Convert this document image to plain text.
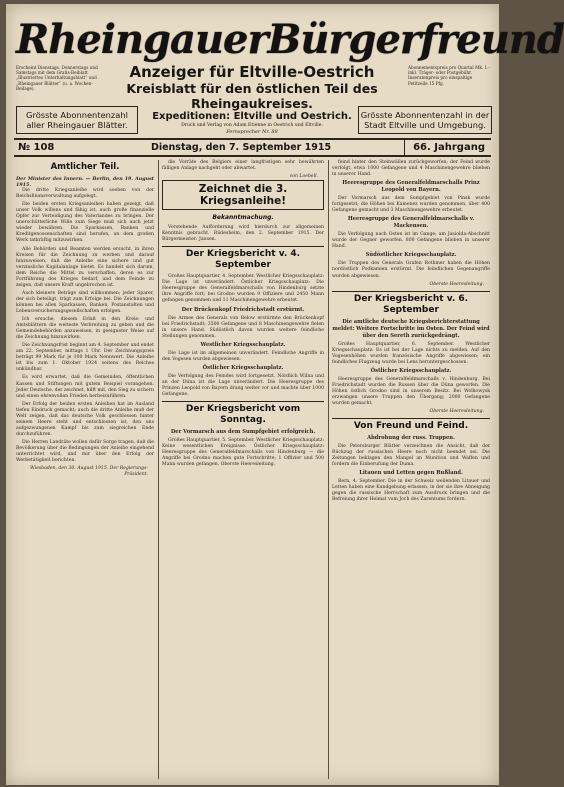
Rheingauer Bürgerfreund
Erscheint Dienstags, Donnerstags und Samstags mit dem Gratis-Beiblatt „Illustriertes Unterhaltungsblatt“ und „Rheingauer Blätter“ (u. a. Wochen-Beilage).
Anzeiger für Eltville-Oestrich
Kreisblatt für den östlichen Teil des Rheingaukreises.
Expeditionen: Eltville und Oestrich.
Druck und Verlag von Adam Etienne in Oestrich und Eltville.
Fernsprecher Nr. 88
Abonnementspreis pro Quartal Mk. 1.- inkl. Träger- oder Postgebühr. Inseratenpreis pro einspaltige Petitzeile 15 Pfg.
Grösste Abonnentenzahl
aller Rheingauer Blätter.
Grösste Abonnentenzahl in der
Stadt Eltville und Umgebung.
№ 108	Dienstag, den 7. September 1915	66. Jahrgang
Amtlicher Teil.
Der Minister des Innern. — Berlin, den 19. August 1915.

Die dritte Kriegsanleihe wird soeben von der Reichsfinanzverwaltung aufgelegt.

Die beiden ersten Kriegsanleihen haben gezeigt, daß unser Volk willens und fähig ist, auch große finanzielle Opfer zur Verteidigung des Vaterlandes zu bringen. Der unerschütterliche Wille zum Siege muß sich auch jetzt wieder bewähren. Die Sparkassen, Banken und Kreditgenossenschaften sind berufen, an dem großen Werk tatkräftig mitzuwirken.

Alle Behörden und Beamten werden ersucht, in ihren Kreisen für die Zeichnung zu werben und darauf hinzuweisen, daß die Anleihe eine sichere und gut verzinsliche Kapitalanlage bietet. Es handelt sich darum, dem Reiche die Mittel zu verschaffen, deren es zur Fortführung des Krieges bedarf, und dem Feinde zu zeigen, daß unsere Kraft ungebrochen ist.

Auch kleinere Beträge sind willkommen; jeder Sparer, der sich beteiligt, trägt zum Erfolge bei. Die Zeichnungen können bei allen Sparkassen, Banken, Postanstalten und Lebensversicherungsgesellschaften erfolgen.

Ich ersuche, diesem Erlaß in den Kreis- und Amtsblättern die weiteste Verbreitung zu geben und die Gemeindebehörden anzuweisen, in geeigneter Weise auf die Zeichnung hinzuwirken.

Die Zeichnungsfrist beginnt am 4. September und endet am 22. September, mittags 1 Uhr. Der Zeichnungspreis beträgt 99 Mark für je 100 Mark Nennwert. Die Anleihe ist bis zum 1. Oktober 1924 seitens des Reiches unkündbar.

Es wird erwartet, daß die Gemeinden, öffentlichen Kassen und Stiftungen mit gutem Beispiel vorangehen. Jeder Deutsche, der zeichnet, hilft mit, den Sieg zu sichern und einen ehrenvollen Frieden herbeizuführen.

Der Erfolg der beiden ersten Anleihen hat im Ausland tiefen Eindruck gemacht; auch die dritte Anleihe muß der Welt zeigen, daß das deutsche Volk geschlossen hinter seinem Heere steht und entschlossen ist, den uns aufgezwungenen Kampf bis zum siegreichen Ende durchzuführen.

Die Herren Landräte wollen dafür Sorge tragen, daß die Bevölkerung über die Bedingungen der Anleihe eingehend unterrichtet wird, und mir über den Erfolg der Werbetätigkeit berichten.

Wiesbaden, den 30. August 1915. Der Regierungs-Präsident.

die Vorräte des Belgiers einer langfristigen sehr bewährten fälligen Anlage nachgeht oder abwartet.

von Loebell.
Zeichnet die 3. Kriegsanleihe!
Bekanntmachung.

Vorstehende Aufforderung wird hierdurch zur allgemeinen Kenntnis gebracht. Rüdesheim, den 2. September 1915. Der Bürgermeister: Jansen.

Der Kriegsbericht v. 4. September

Großes Hauptquartier, 4. September. Westlicher Kriegsschauplatz: Die Lage ist unverändert. Östlicher Kriegsschauplatz: Die Heeresgruppe des Generalfeldmarschalls von Hindenburg setzte ihre Angriffe fort; bei Grodno wurden 9 Offiziere und 2450 Mann gefangen genommen und 11 Maschinengewehre erbeutet.

Der Brückenkopf Friedrichstadt erstürmt.

Die Armee des Generals von Below erstürmte den Brückenkopf bei Friedrichstadt; 3500 Gefangene und 8 Maschinengewehre fielen in unsere Hand. Südöstlich davon wurden weitere feindliche Stellungen genommen.

Westlicher Kriegsschauplatz.

Die Lage ist im allgemeinen unverändert. Feindliche Angriffe in den Vogesen wurden abgewiesen.

Östlicher Kriegsschauplatz.

Die Verfolgung des Feindes wird fortgesetzt. Nördlich Wilna und an der Düna ist die Lage unverändert. Die Heeresgruppe des Prinzen Leopold von Bayern drang weiter vor und machte über 1000 Gefangene.

Der Kriegsbericht vom Sonntag.
Der Vormarsch aus dem Sumpfgebiet erfolgreich.

Großes Hauptquartier, 5. September. Westlicher Kriegsschauplatz: Keine wesentlichen Ereignisse. Östlicher Kriegsschauplatz: Heeresgruppe des Generalfeldmarschalls von Hindenburg — die Angriffe bei Grodno machen gute Fortschritte; 1 Offizier und 500 Mann wurden gefangen. Oberste Heeresleitung.

feind hinter den Steinwällen zurückgeworfen; der Feind wurde verfolgt, etwa 1000 Gefangene und 4 Maschinengewehre blieben in unserer Hand.

Heeresgruppe des Generalfeldmarschalls Prinz Leopold von Bayern.

Der Vormarsch aus dem Sumpfgebiet von Pinsk wurde fortgesetzt; die Höhen bei Kamenez wurden genommen, über 400 Gefangene gemacht und 3 Maschinengewehre erbeutet.

Heeresgruppe des Generalfeldmarschalls v. Mackensen.

Die Verfolgung nach Osten ist im Gange; am Jasiolda-Abschnitt wurde der Gegner geworfen. 800 Gefangene blieben in unserer Hand.

Südöstlicher Kriegsschauplatz.

Die Truppen des Generals Grafen Bothmer haben die Höhen nordöstlich Podkamien erstürmt. Die feindlichen Gegenangriffe wurden abgewiesen.

Oberste Heeresleitung.
Der Kriegsbericht v. 6. September
Die amtliche deutsche Kriegsberichterstattung meldet: Weitere Fortschritte im Osten. Der Feind wird über den Sereth zurückgedrängt.

Großes Hauptquartier, 6. September. Westlicher Kriegsschauplatz: Es ist bei der Lage nichts zu melden. Auf den Vogesenhöhen wurden französische Angriffe abgewiesen; ein feindliches Flugzeug wurde bei Lens heruntergeschossen.

Östlicher Kriegsschauplatz.

Heeresgruppe des Generalfeldmarschalls v. Hindenburg. Bei Friedrichstadt wurden die Russen über die Düna geworfen. Die Höhen östlich Grodno sind in unserem Besitz. Bei Wolkowysk erzwangen unsere Truppen den Übergang; 2000 Gefangene wurden gemacht.

Oberste Heeresleitung.
Von Freund und Feind.
Abdrohung der russ. Truppen.

Die Petersburger Blätter verzeichnen die Ansicht, daß der Rückzug der russischen Heere noch nicht beendet sei. Die Zeitungen beklagen den Mangel an Munition und Waffen und fordern die Einberufung der Duma.

Litauen und Letten gegen Rußland.

Bern, 4. September. Die in der Schweiz weilenden Litauer und Letten haben eine Kundgebung erlassen, in der sie ihre Abneigung gegen die russische Herrschaft zum Ausdruck bringen und die Befreiung ihrer Heimat vom Joch des Zarentums fordern.
